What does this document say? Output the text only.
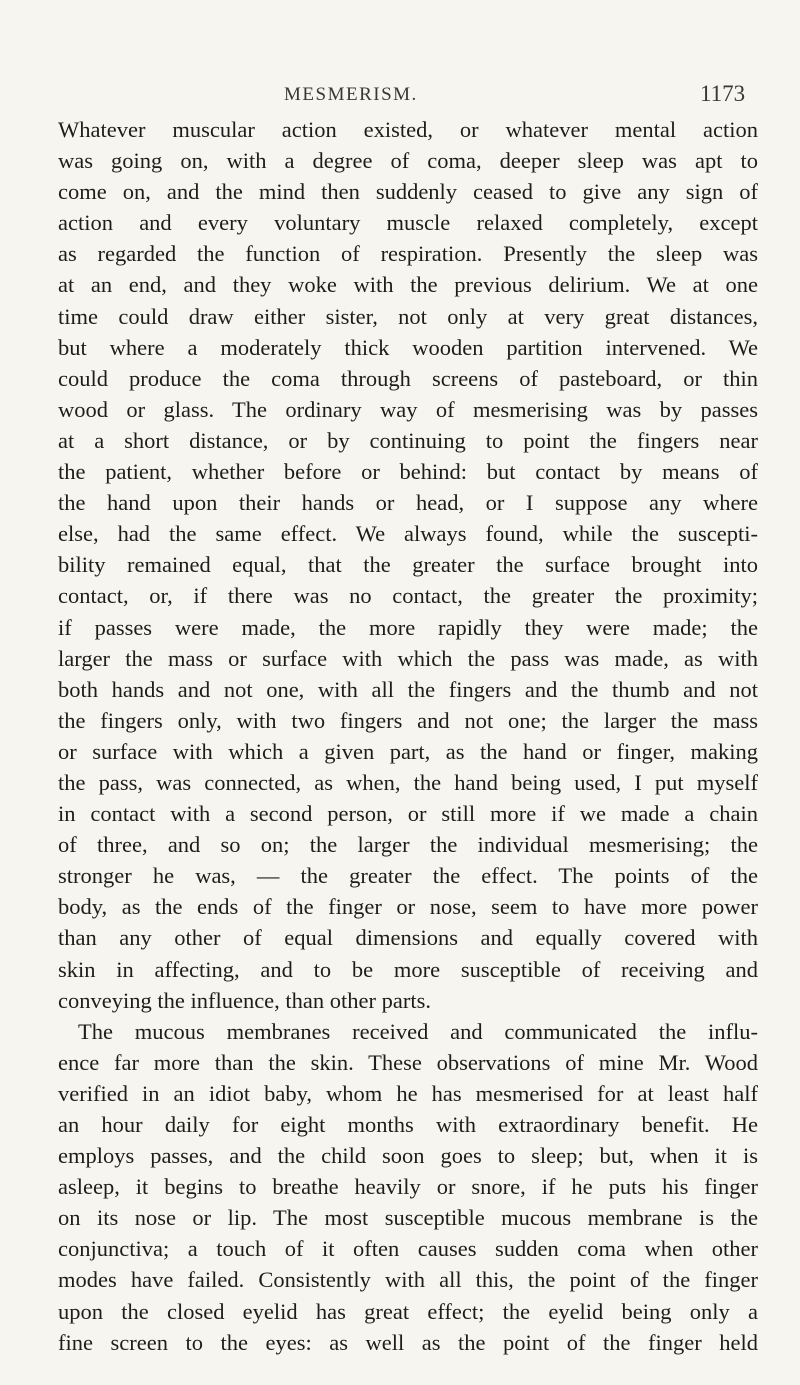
MESMERISM.	1173
Whatever muscular action existed, or whatever mental action
was going on, with a degree of coma, deeper sleep was apt to
come on, and the mind then suddenly ceased to give any sign of
action and every voluntary muscle relaxed completely, except
as regarded the function of respiration. Presently the sleep was
at an end, and they woke with the previous delirium. We at one
time could draw either sister, not only at very great distances,
but where a moderately thick wooden partition intervened. We
could produce the coma through screens of pasteboard, or thin
wood or glass. The ordinary way of mesmerising was by passes
at a short distance, or by continuing to point the fingers near
the patient, whether before or behind: but contact by means of
the hand upon their hands or head, or I suppose any where
else, had the same effect. We always found, while the suscepti-
bility remained equal, that the greater the surface brought into
contact, or, if there was no contact, the greater the proximity;
if passes were made, the more rapidly they were made; the
larger the mass or surface with which the pass was made, as with
both hands and not one, with all the fingers and the thumb and not
the fingers only, with two fingers and not one; the larger the mass
or surface with which a given part, as the hand or finger, making
the pass, was connected, as when, the hand being used, I put myself
in contact with a second person, or still more if we made a chain
of three, and so on; the larger the individual mesmerising; the
stronger he was, — the greater the effect. The points of the
body, as the ends of the finger or nose, seem to have more power
than any other of equal dimensions and equally covered with
skin in affecting, and to be more susceptible of receiving and
conveying the influence, than other parts.
The mucous membranes received and communicated the influ-
ence far more than the skin. These observations of mine Mr. Wood
verified in an idiot baby, whom he has mesmerised for at least half
an hour daily for eight months with extraordinary benefit. He
employs passes, and the child soon goes to sleep; but, when it is
asleep, it begins to breathe heavily or snore, if he puts his finger
on its nose or lip. The most susceptible mucous membrane is the
conjunctiva; a touch of it often causes sudden coma when other
modes have failed. Consistently with all this, the point of the finger
upon the closed eyelid has great effect; the eyelid being only a
fine screen to the eyes: as well as the point of the finger held
